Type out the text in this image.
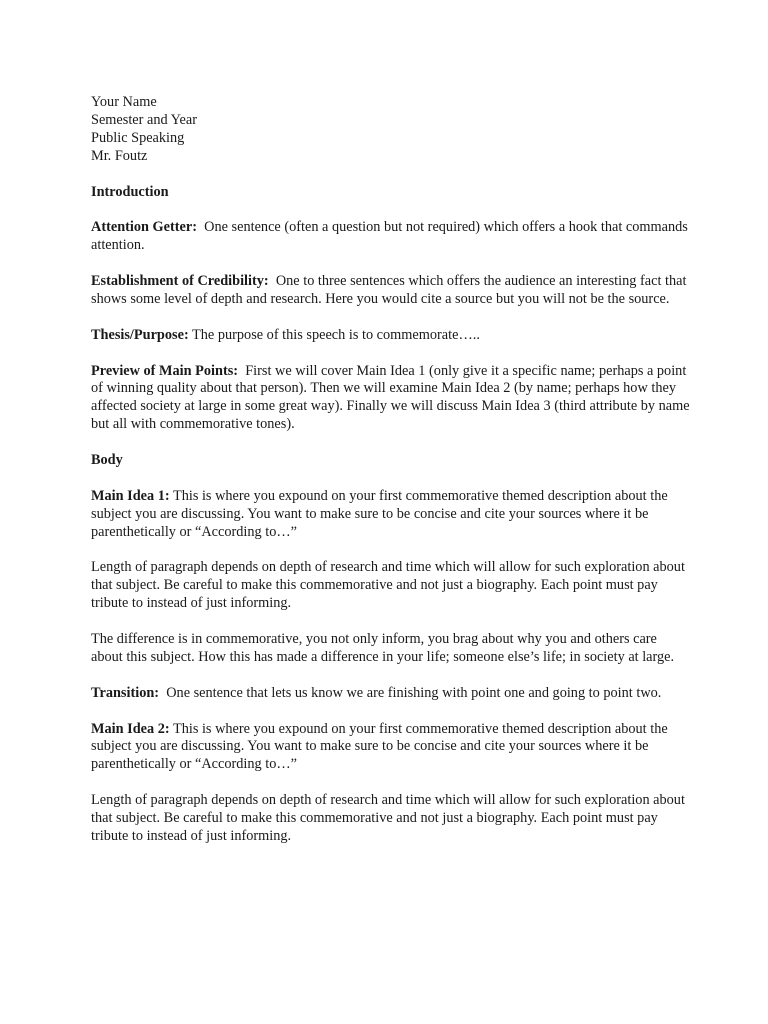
Your Name
Semester and Year
Public Speaking
Mr. Foutz

Introduction

Attention Getter: One sentence (often a question but not required) which offers a hook that commands attention.

Establishment of Credibility: One to three sentences which offers the audience an interesting fact that shows some level of depth and research. Here you would cite a source but you will not be the source.

Thesis/Purpose: The purpose of this speech is to commemorate…..

Preview of Main Points: First we will cover Main Idea 1 (only give it a specific name; perhaps a point of winning quality about that person). Then we will examine Main Idea 2 (by name; perhaps how they affected society at large in some great way). Finally we will discuss Main Idea 3 (third attribute by name but all with commemorative tones).

Body

Main Idea 1: This is where you expound on your first commemorative themed description about the subject you are discussing. You want to make sure to be concise and cite your sources where it be parenthetically or “According to…”

Length of paragraph depends on depth of research and time which will allow for such exploration about that subject. Be careful to make this commemorative and not just a biography. Each point must pay tribute to instead of just informing.

The difference is in commemorative, you not only inform, you brag about why you and others care about this subject. How this has made a difference in your life; someone else’s life; in society at large.

Transition: One sentence that lets us know we are finishing with point one and going to point two.

Main Idea 2: This is where you expound on your first commemorative themed description about the subject you are discussing. You want to make sure to be concise and cite your sources where it be parenthetically or “According to…”

Length of paragraph depends on depth of research and time which will allow for such exploration about that subject. Be careful to make this commemorative and not just a biography. Each point must pay tribute to instead of just informing.
